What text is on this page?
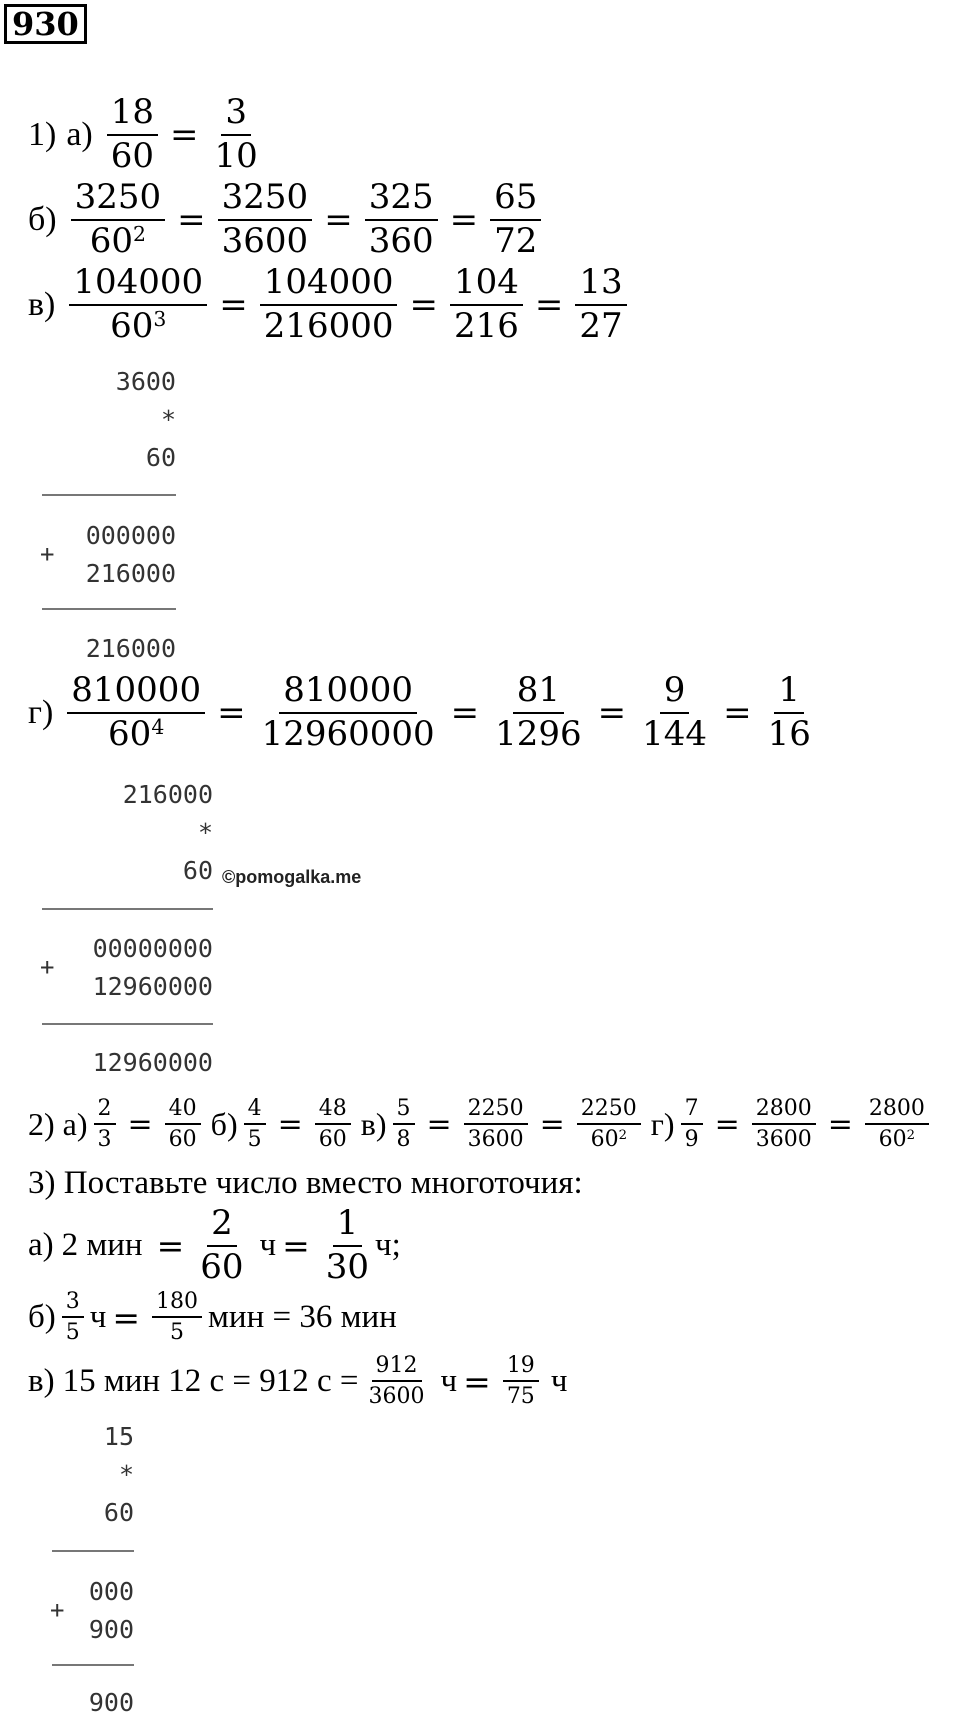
930
1) $а) \frac{18}{60} = \frac{3}{10}$
$б) \frac{3250}{60^2} = \frac{3250}{3600} = \frac{325}{360} = \frac{65}{72}$
$в) \frac{104000}{60^3} = \frac{104000}{216000} = \frac{104}{216} = \frac{13}{27}$
3600
*
60
+
000000
216000
216000
$г) \frac{810000}{60^4} = \frac{810000}{12960000} = \frac{81}{1296} = \frac{9}{144} = \frac{1}{16}$
216000
*
60 ©pomogalka.me
+
00000000
12960000
12960000
2) $а) \frac{2}{3} = \frac{40}{60} б) \frac{4}{5} = \frac{48}{60} в) \frac{5}{8} = \frac{2250}{3600} = \frac{2250}{60^2} г) \frac{7}{9} = \frac{2800}{3600} = \frac{2800}{60^2}$
3) Поставьте число вместо многоточия:
а) 2 мин = $\frac{2}{60}$ $ч = \frac{1}{30} ч$;
$б) \frac{3}{5}$ $ч = \frac{180}{5}$ мин = 36 мин
в) 15 мин 12 с = 912 $с = \frac{912}{3600}$ $ч = \frac{19}{75}$ ч
15
*
60
+
000
900
900
